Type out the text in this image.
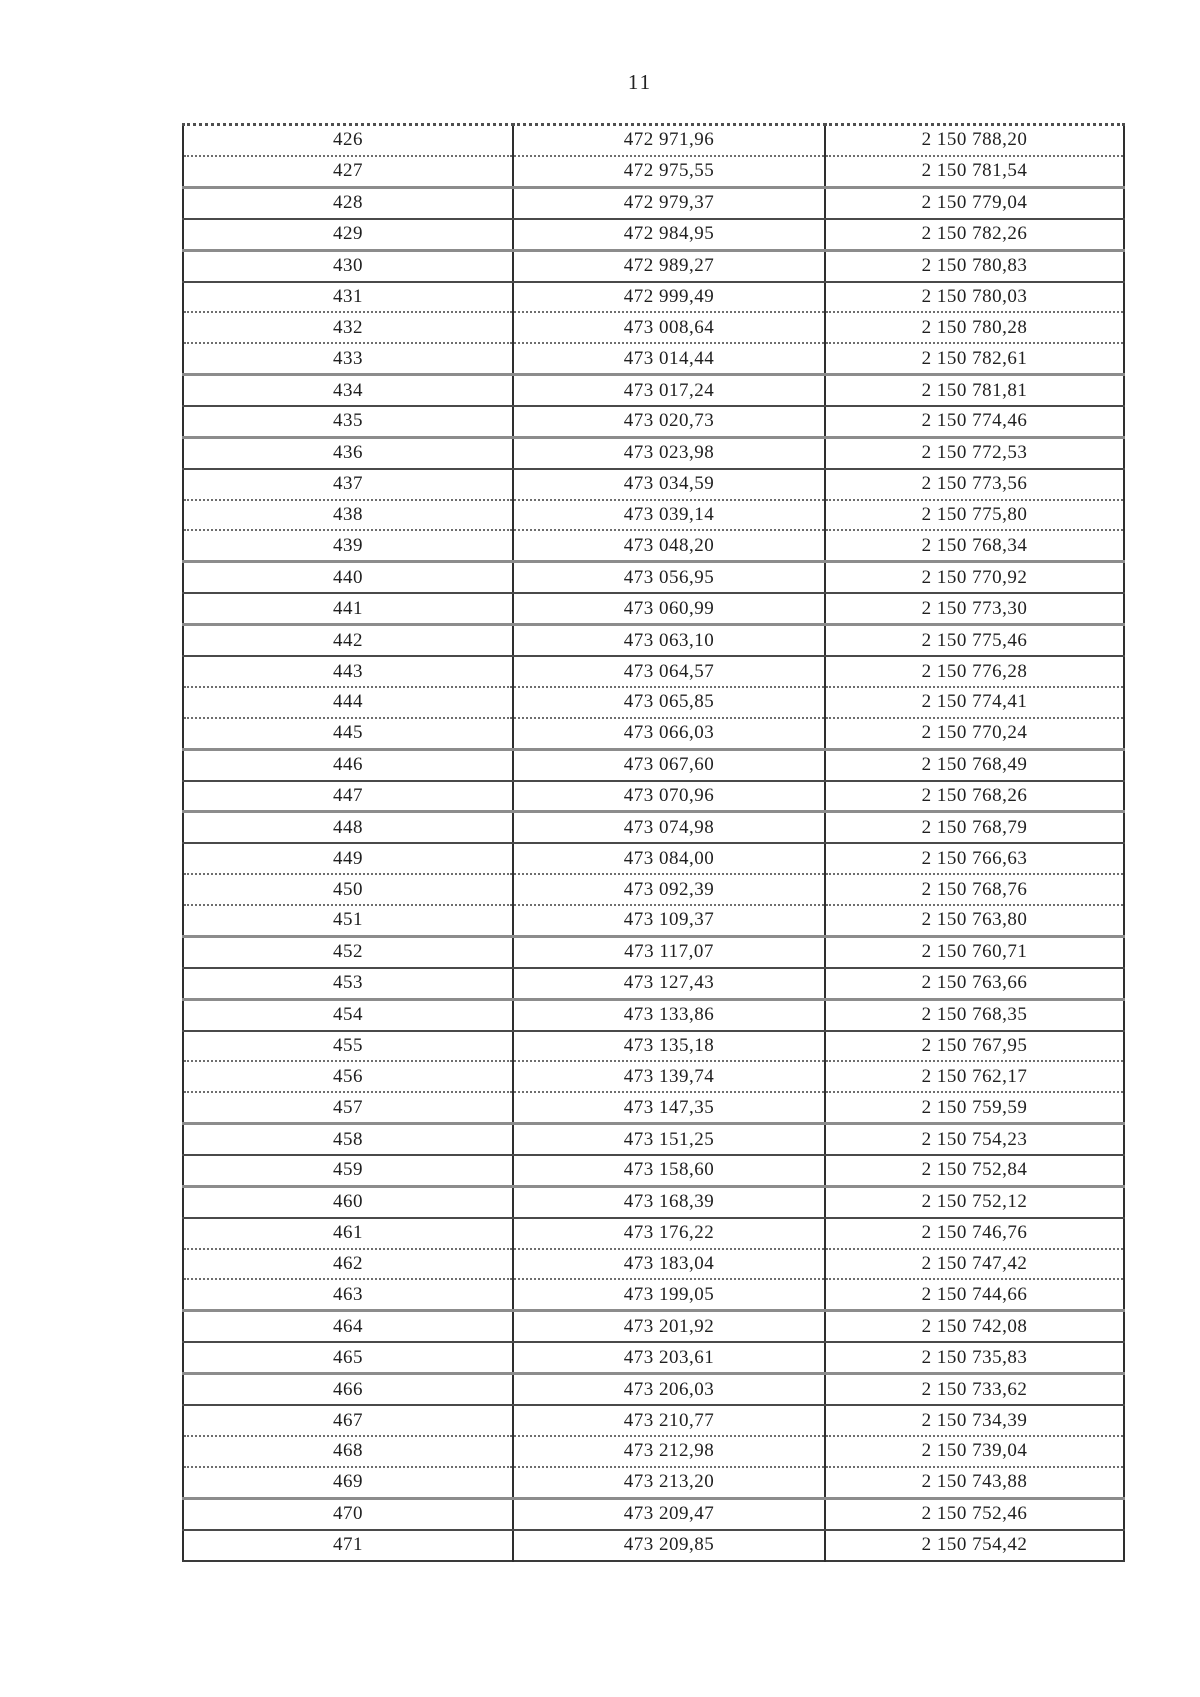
11
426	472 971,96	2 150 788,20
427	472 975,55	2 150 781,54
428	472 979,37	2 150 779,04
429	472 984,95	2 150 782,26
430	472 989,27	2 150 780,83
431	472 999,49	2 150 780,03
432	473 008,64	2 150 780,28
433	473 014,44	2 150 782,61
434	473 017,24	2 150 781,81
435	473 020,73	2 150 774,46
436	473 023,98	2 150 772,53
437	473 034,59	2 150 773,56
438	473 039,14	2 150 775,80
439	473 048,20	2 150 768,34
440	473 056,95	2 150 770,92
441	473 060,99	2 150 773,30
442	473 063,10	2 150 775,46
443	473 064,57	2 150 776,28
444	473 065,85	2 150 774,41
445	473 066,03	2 150 770,24
446	473 067,60	2 150 768,49
447	473 070,96	2 150 768,26
448	473 074,98	2 150 768,79
449	473 084,00	2 150 766,63
450	473 092,39	2 150 768,76
451	473 109,37	2 150 763,80
452	473 117,07	2 150 760,71
453	473 127,43	2 150 763,66
454	473 133,86	2 150 768,35
455	473 135,18	2 150 767,95
456	473 139,74	2 150 762,17
457	473 147,35	2 150 759,59
458	473 151,25	2 150 754,23
459	473 158,60	2 150 752,84
460	473 168,39	2 150 752,12
461	473 176,22	2 150 746,76
462	473 183,04	2 150 747,42
463	473 199,05	2 150 744,66
464	473 201,92	2 150 742,08
465	473 203,61	2 150 735,83
466	473 206,03	2 150 733,62
467	473 210,77	2 150 734,39
468	473 212,98	2 150 739,04
469	473 213,20	2 150 743,88
470	473 209,47	2 150 752,46
471	473 209,85	2 150 754,42
